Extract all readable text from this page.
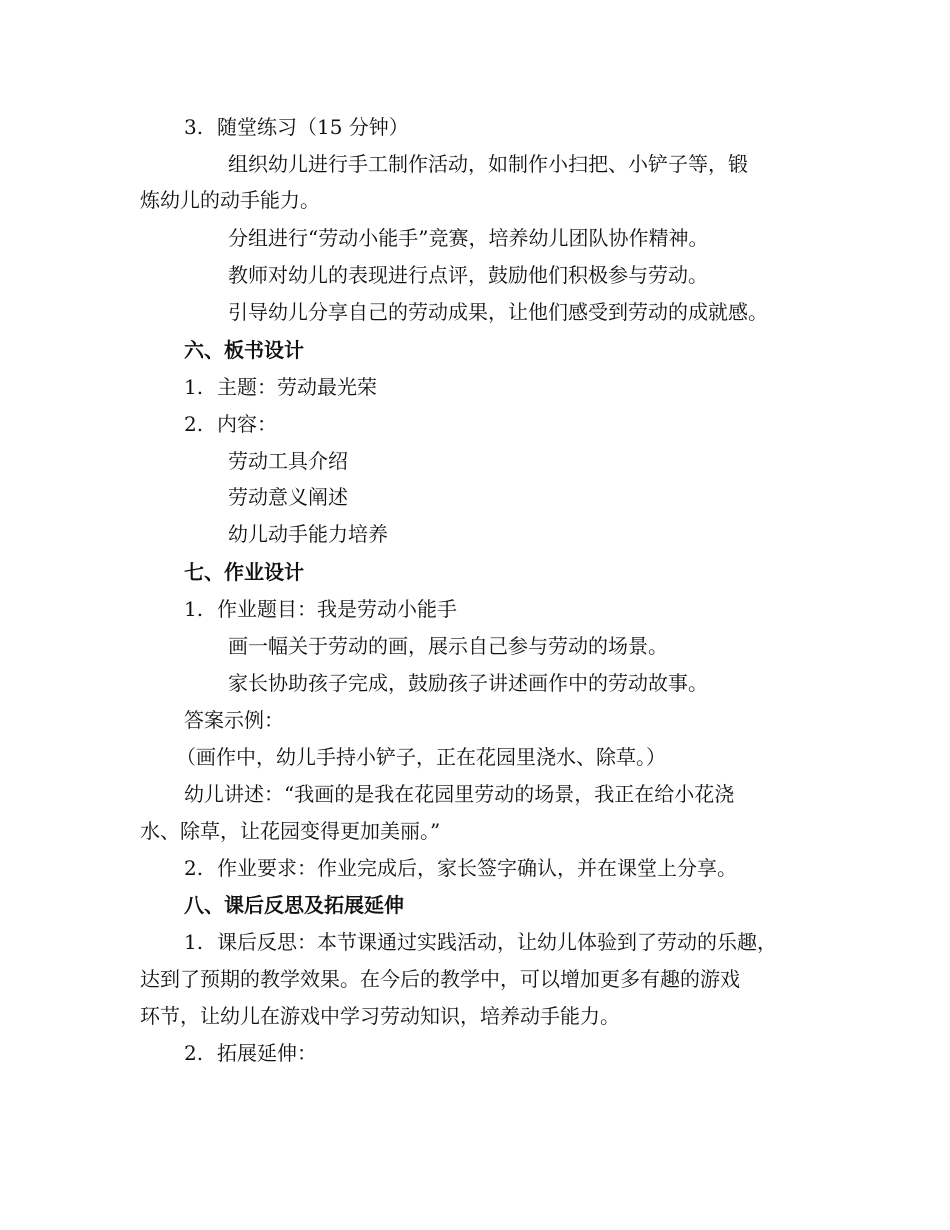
3. 随堂练习（15 分钟）
组织幼儿进行手工制作活动，如制作小扫把、小铲子等，锻
炼幼儿的动手能力。
分组进行“劳动小能手”竞赛，培养幼儿团队协作精神。
教师对幼儿的表现进行点评，鼓励他们积极参与劳动。
引导幼儿分享自己的劳动成果，让他们感受到劳动的成就感。
六、板书设计
1. 主题：劳动最光荣
2. 内容：
劳动工具介绍
劳动意义阐述
幼儿动手能力培养
七、作业设计
1. 作业题目：我是劳动小能手
画一幅关于劳动的画，展示自己参与劳动的场景。
家长协助孩子完成，鼓励孩子讲述画作中的劳动故事。
答案示例：
（画作中，幼儿手持小铲子，正在花园里浇水、除草。）
幼儿讲述：“我画的是我在花园里劳动的场景，我正在给小花浇
水、除草，让花园变得更加美丽。”
2. 作业要求：作业完成后，家长签字确认，并在课堂上分享。
八、课后反思及拓展延伸
1. 课后反思：本节课通过实践活动，让幼儿体验到了劳动的乐趣，
达到了预期的教学效果。在今后的教学中，可以增加更多有趣的游戏
环节，让幼儿在游戏中学习劳动知识，培养动手能力。
2. 拓展延伸：
